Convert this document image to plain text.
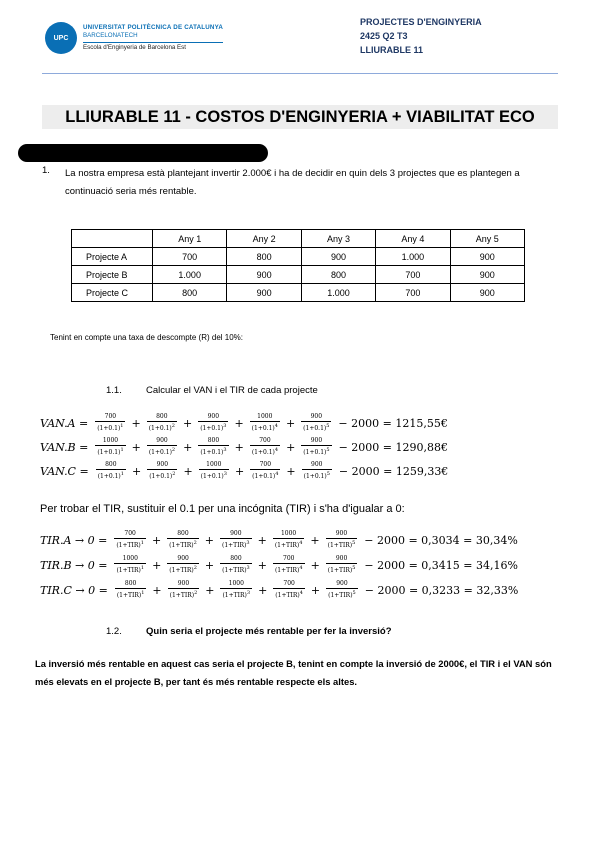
UPC
UNIVERSITAT POLITÈCNICA DE CATALUNYA
BARCELONATECH
Escola d'Enginyeria de Barcelona Est
PROJECTES D'ENGINYERIA
2425 Q2 T3
LLIURABLE 11
LLIURABLE 11 - COSTOS D'ENGINYERIA + VIABILITAT ECO
1. La nostra empresa està plantejant invertir 2.000€ i ha de decidir en quin dels 3 projectes que es plantegen a continuació seria més rentable.
	Any 1	Any 2	Any 3	Any 4	Any 5
Projecte A	700	800	900	1.000	900
Projecte B	1.000	900	800	700	900
Projecte C	800	900	1.000	700	900
Tenint en compte una taxa de descompte (R) del 10%:
1.1.	Calcular el VAN i el TIR de cada projecte
$VAN.A = \frac{700}{(1+0.1)^1} + \frac{800}{(1+0.1)^2} + \frac{900}{(1+0.1)^3} + \frac{1000}{(1+0.1)^4} + \frac{900}{(1+0.1)^5} - 2000$ = 1215,55€
$VAN.B = \frac{1000}{(1+0.1)^1} + \frac{900}{(1+0.1)^2} + \frac{800}{(1+0.1)^3} + \frac{700}{(1+0.1)^4} + \frac{900}{(1+0.1)^5} - 2000$ = 1290,88€
$VAN.C = \frac{800}{(1+0.1)^1} + \frac{900}{(1+0.1)^2} + \frac{1000}{(1+0.1)^3} + \frac{700}{(1+0.1)^4} + \frac{900}{(1+0.1)^5} - 2000$ = 1259,33€
Per trobar el TIR, sustituir el 0.1 per una incógnita (TIR) i s'ha d'igualar a 0:
$TIR.A \to 0 = \frac{700}{(1+TIR)^1} + \frac{800}{(1+TIR)^2} + \frac{900}{(1+TIR)^3} + \frac{1000}{(1+TIR)^4} + \frac{900}{(1+TIR)^5} - 2000 = 0,3034 = 30,34\%$
$TIR.B \to 0 = \frac{1000}{(1+TIR)^1} + \frac{900}{(1+TIR)^2} + \frac{800}{(1+TIR)^3} + \frac{700}{(1+TIR)^4} + \frac{900}{(1+TIR)^5} - 2000 = 0,3415 = 34,16\%$
$TIR.C \to 0 = \frac{800}{(1+TIR)^1} + \frac{900}{(1+TIR)^2} + \frac{1000}{(1+TIR)^3} + \frac{700}{(1+TIR)^4} + \frac{900}{(1+TIR)^5} - 2000 = 0,3233 = 32,33\%$
1.2.	Quin seria el projecte més rentable per fer la inversió?
La inversió més rentable en aquest cas seria el projecte B, tenint en compte la inversió de 2000€, el TIR i el VAN són més elevats en el projecte B, per tant és més rentable respecte els altes.
